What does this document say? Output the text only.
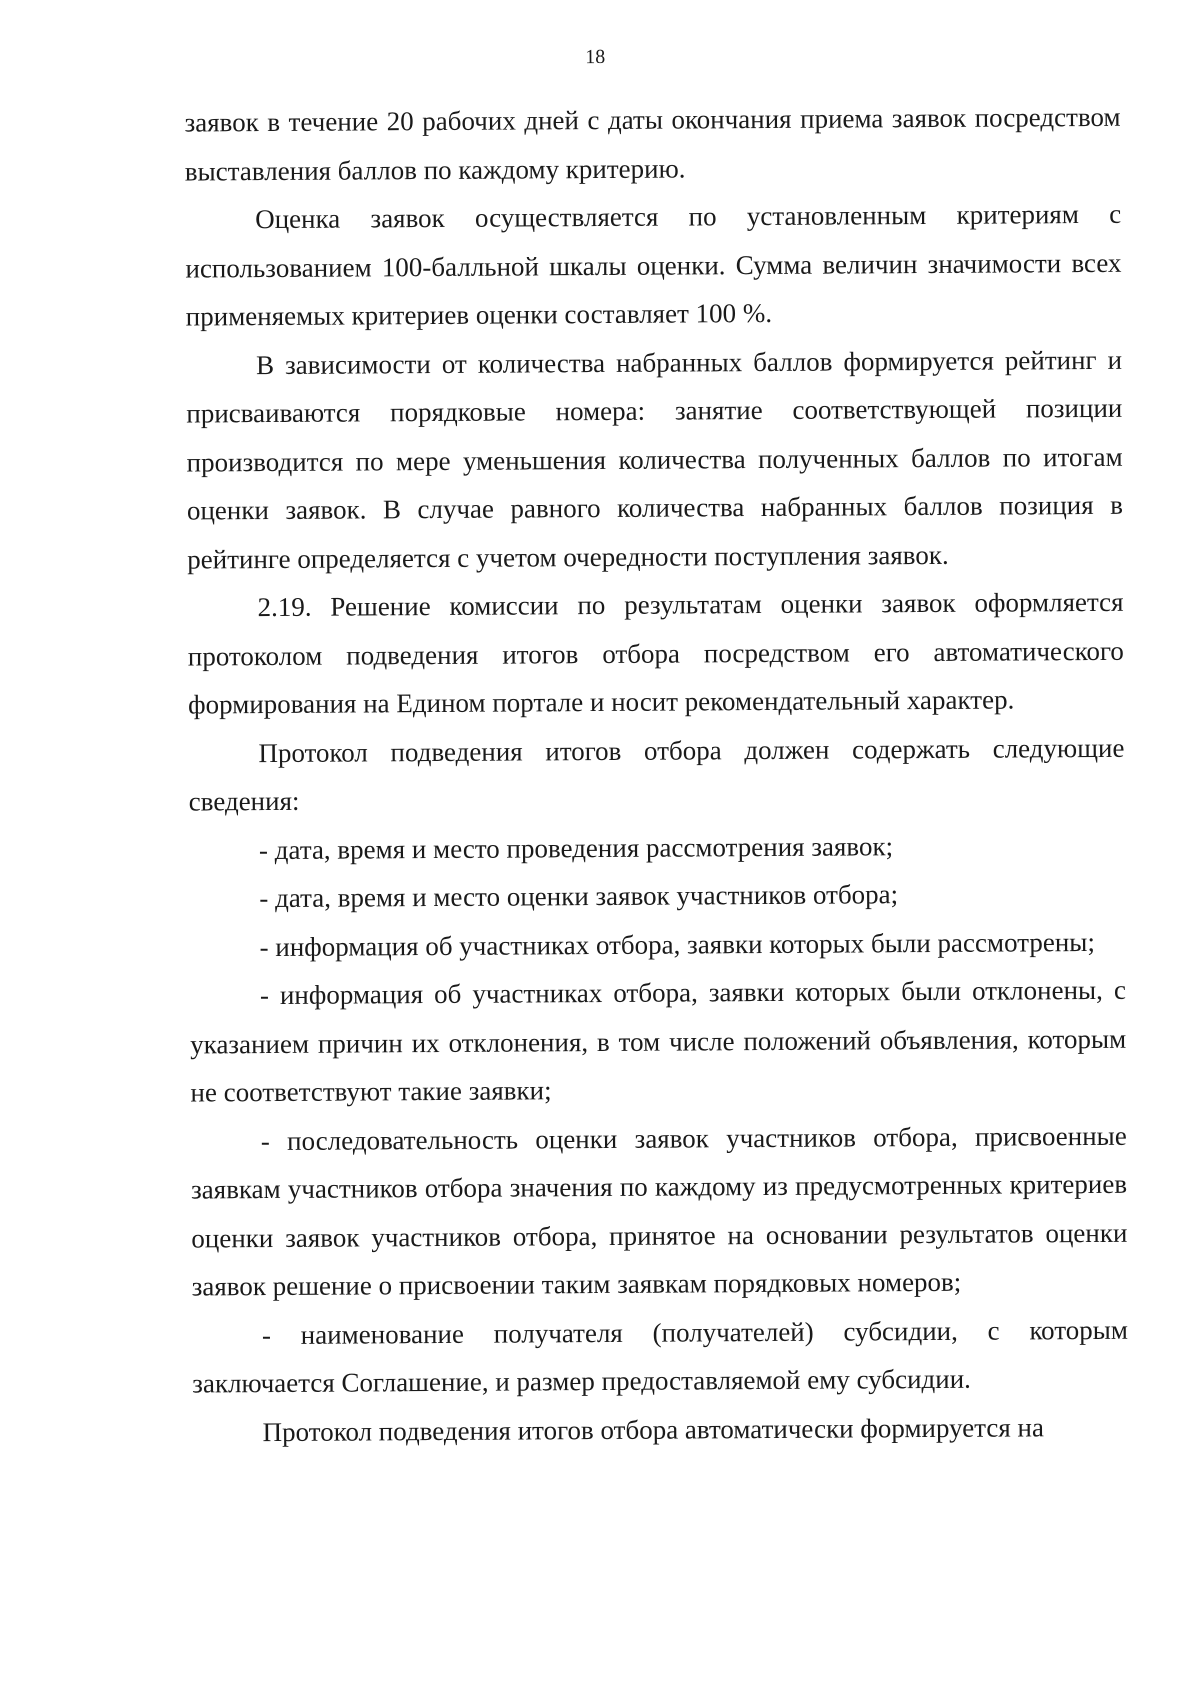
18

заявок в течение 20 рабочих дней с даты окончания приема заявок посредством выставления баллов по каждому критерию.

Оценка заявок осуществляется по установленным критериям с использованием 100-балльной шкалы оценки. Сумма величин значимости всех применяемых критериев оценки составляет 100 %.

В зависимости от количества набранных баллов формируется рейтинг и присваиваются порядковые номера: занятие соответствующей позиции производится по мере уменьшения количества полученных баллов по итогам оценки заявок. В случае равного количества набранных баллов позиция в рейтинге определяется с учетом очередности поступления заявок.

2.19. Решение комиссии по результатам оценки заявок оформляется протоколом подведения итогов отбора посредством его автоматического формирования на Едином портале и носит рекомендательный характер.

Протокол подведения итогов отбора должен содержать следующие сведения:

- дата, время и место проведения рассмотрения заявок;

- дата, время и место оценки заявок участников отбора;

- информация об участниках отбора, заявки которых были рассмотрены;

- информация об участниках отбора, заявки которых были отклонены, с указанием причин их отклонения, в том числе положений объявления, которым не соответствуют такие заявки;

- последовательность оценки заявок участников отбора, присвоенные заявкам участников отбора значения по каждому из предусмотренных критериев оценки заявок участников отбора, принятое на основании результатов оценки заявок решение о присвоении таким заявкам порядковых номеров;

- наименование получателя (получателей) субсидии, с которым заключается Соглашение, и размер предоставляемой ему субсидии.

Протокол подведения итогов отбора автоматически формируется на
